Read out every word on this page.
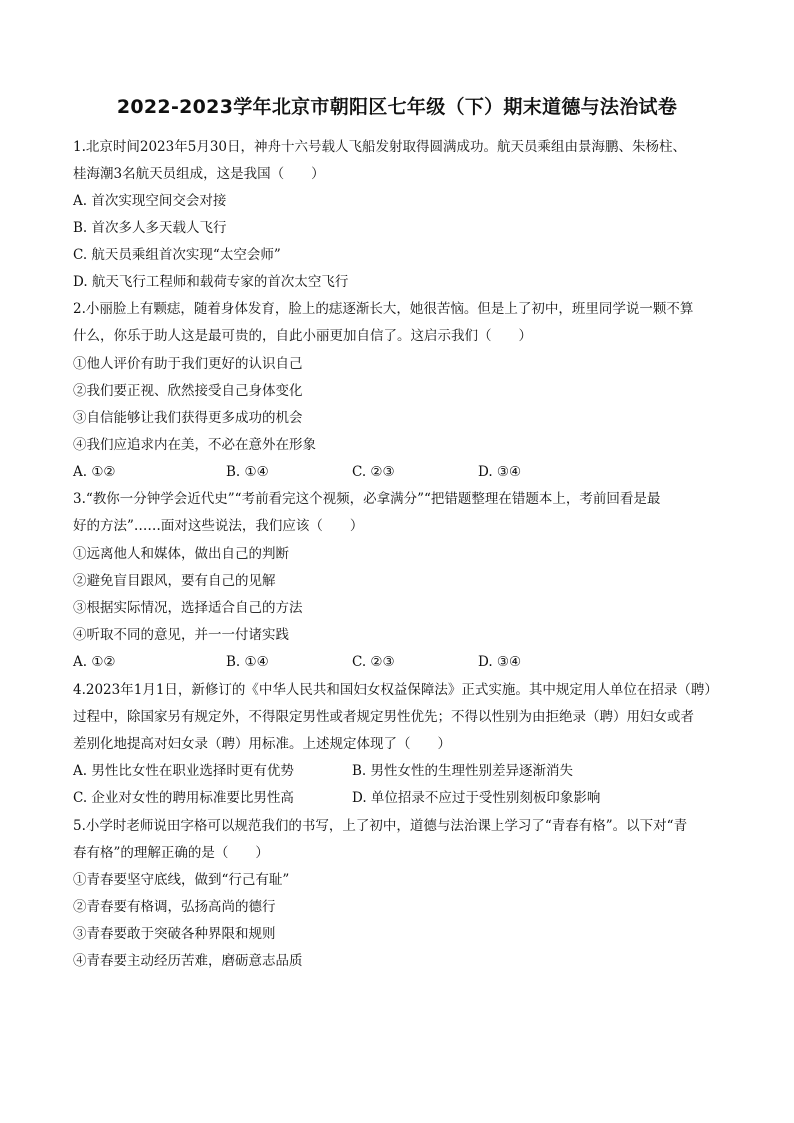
2022-2023学年北京市朝阳区七年级（下）期末道德与法治试卷
1.北京时间2023年5月30日，神舟十六号载人飞船发射取得圆满成功。航天员乘组由景海鹏、朱杨柱、
桂海潮3名航天员组成，这是我国（　　）
A. 首次实现空间交会对接
B. 首次多人多天载人飞行
C. 航天员乘组首次实现“太空会师”
D. 航天飞行工程师和载荷专家的首次太空飞行
2.小丽脸上有颗痣，随着身体发育，脸上的痣逐渐长大，她很苦恼。但是上了初中，班里同学说一颗不算
什么，你乐于助人这是最可贵的，自此小丽更加自信了。这启示我们（　　）
①他人评价有助于我们更好的认识自己
②我们要正视、欣然接受自己身体变化
③自信能够让我们获得更多成功的机会
④我们应追求内在美，不必在意外在形象
A. ①②	B. ①④	C. ②③	D. ③④
3.“教你一分钟学会近代史”“考前看完这个视频，必拿满分”“把错题整理在错题本上，考前回看是最
好的方法”……面对这些说法，我们应该（　　）
①远离他人和媒体，做出自己的判断
②避免盲目跟风，要有自己的见解
③根据实际情况，选择适合自己的方法
④听取不同的意见，并一一付诸实践
A. ①②	B. ①④	C. ②③	D. ③④
4.2023年1月1日，新修订的《中华人民共和国妇女权益保障法》正式实施。其中规定用人单位在招录（聘）
过程中，除国家另有规定外，不得限定男性或者规定男性优先；不得以性别为由拒绝录（聘）用妇女或者
差别化地提高对妇女录（聘）用标准。上述规定体现了（　　）
A. 男性比女性在职业选择时更有优势	B. 男性女性的生理性别差异逐渐消失
C. 企业对女性的聘用标准要比男性高	D. 单位招录不应过于受性别刻板印象影响
5.小学时老师说田字格可以规范我们的书写，上了初中，道德与法治课上学习了“青春有格”。以下对“青
春有格”的理解正确的是（　　）
①青春要坚守底线，做到“行己有耻”
②青春要有格调，弘扬高尚的德行
③青春要敢于突破各种界限和规则
④青春要主动经历苦难，磨砺意志品质
